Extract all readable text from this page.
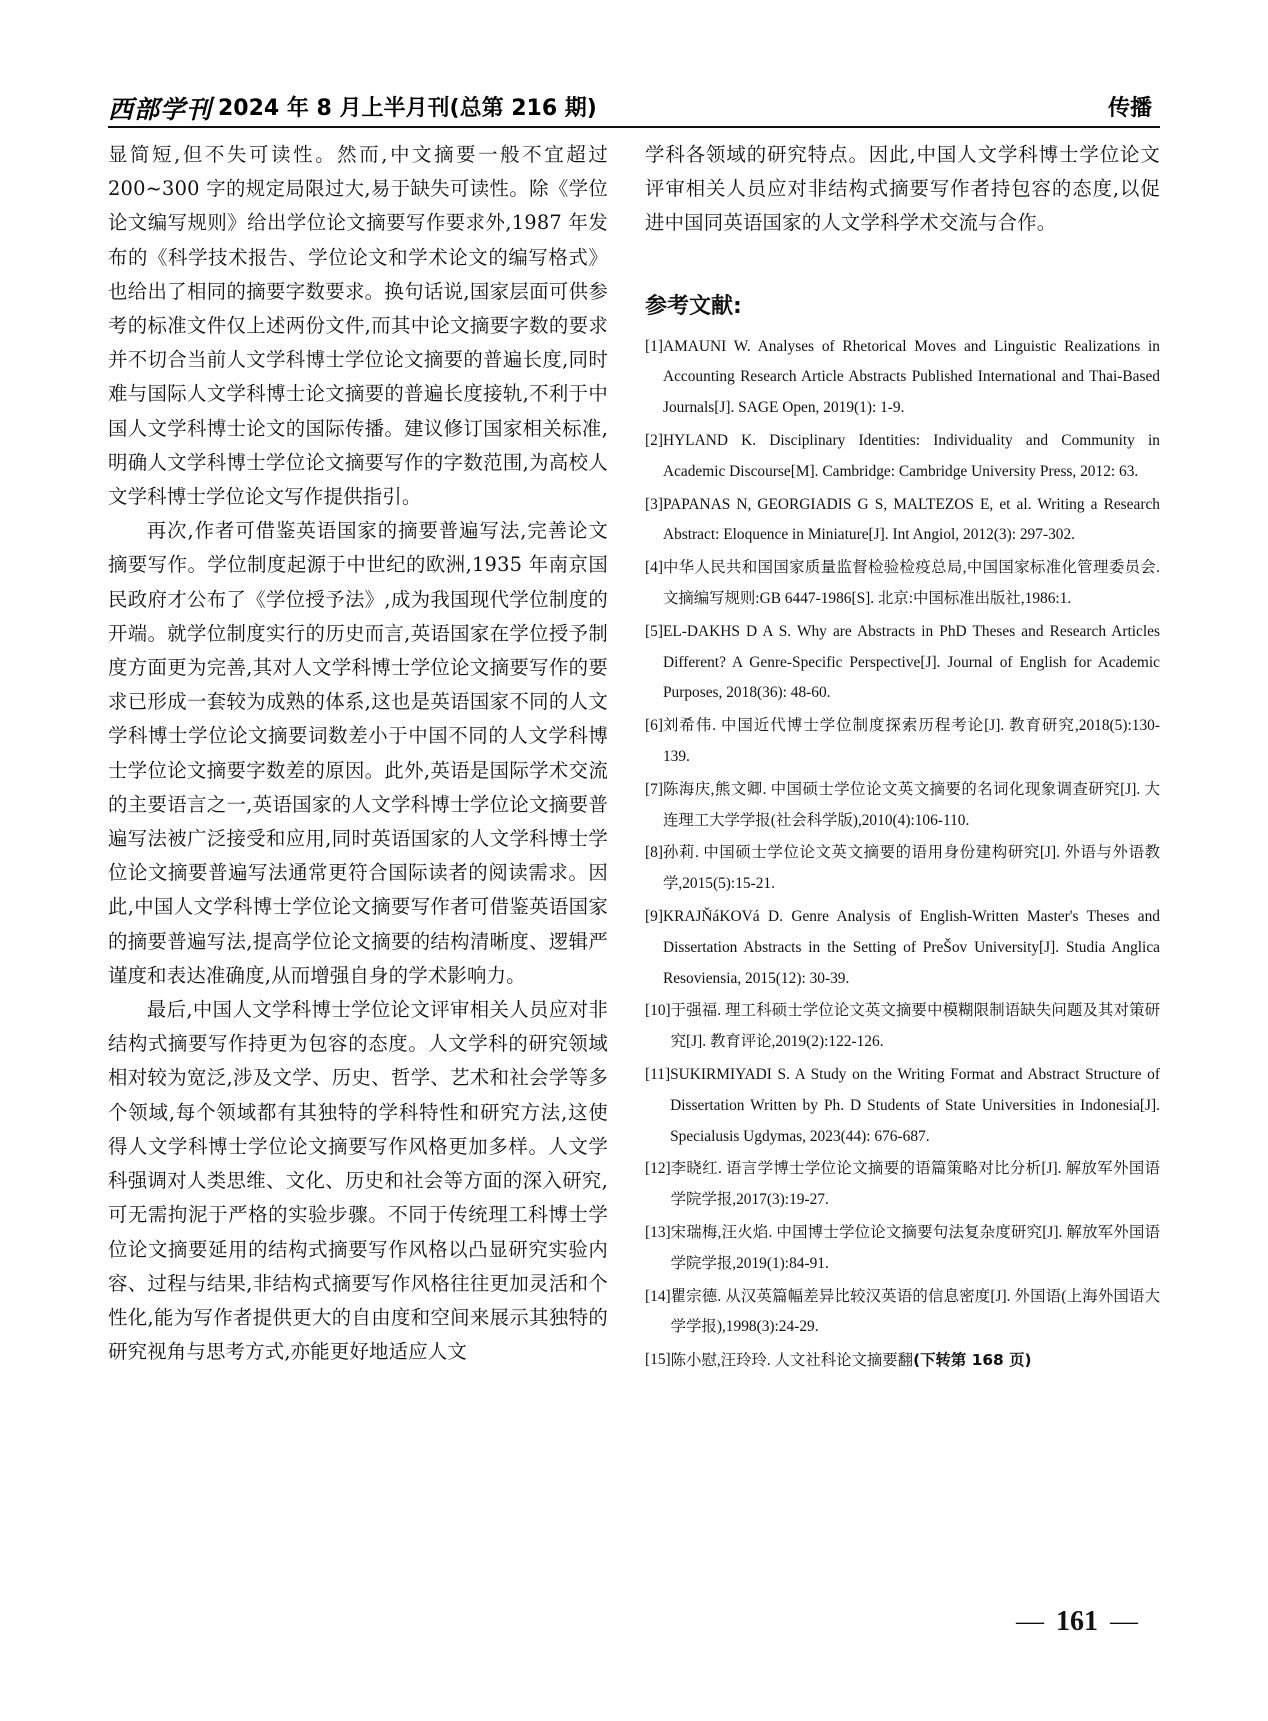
西部学刊 2024 年 8 月上半月刊(总第 216 期)	传播

显简短,但不失可读性。然而,中文摘要一般不宜超过 200~300 字的规定局限过大,易于缺失可读性。除《学位论文编写规则》给出学位论文摘要写作要求外,1987 年发布的《科学技术报告、学位论文和学术论文的编写格式》也给出了相同的摘要字数要求。换句话说,国家层面可供参考的标准文件仅上述两份文件,而其中论文摘要字数的要求并不切合当前人文学科博士学位论文摘要的普遍长度,同时难与国际人文学科博士论文摘要的普遍长度接轨,不利于中国人文学科博士论文的国际传播。建议修订国家相关标准,明确人文学科博士学位论文摘要写作的字数范围,为高校人文学科博士学位论文写作提供指引。

再次,作者可借鉴英语国家的摘要普遍写法,完善论文摘要写作。学位制度起源于中世纪的欧洲,1935 年南京国民政府才公布了《学位授予法》,成为我国现代学位制度的开端。就学位制度实行的历史而言,英语国家在学位授予制度方面更为完善,其对人文学科博士学位论文摘要写作的要求已形成一套较为成熟的体系,这也是英语国家不同的人文学科博士学位论文摘要词数差小于中国不同的人文学科博士学位论文摘要字数差的原因。此外,英语是国际学术交流的主要语言之一,英语国家的人文学科博士学位论文摘要普遍写法被广泛接受和应用,同时英语国家的人文学科博士学位论文摘要普遍写法通常更符合国际读者的阅读需求。因此,中国人文学科博士学位论文摘要写作者可借鉴英语国家的摘要普遍写法,提高学位论文摘要的结构清晰度、逻辑严谨度和表达准确度,从而增强自身的学术影响力。

最后,中国人文学科博士学位论文评审相关人员应对非结构式摘要写作持更为包容的态度。人文学科的研究领域相对较为宽泛,涉及文学、历史、哲学、艺术和社会学等多个领域,每个领域都有其独特的学科特性和研究方法,这使得人文学科博士学位论文摘要写作风格更加多样。人文学科强调对人类思维、文化、历史和社会等方面的深入研究,可无需拘泥于严格的实验步骤。不同于传统理工科博士学位论文摘要延用的结构式摘要写作风格以凸显研究实验内容、过程与结果,非结构式摘要写作风格往往更加灵活和个性化,能为写作者提供更大的自由度和空间来展示其独特的研究视角与思考方式,亦能更好地适应人文

学科各领域的研究特点。因此,中国人文学科博士学位论文评审相关人员应对非结构式摘要写作者持包容的态度,以促进中国同英语国家的人文学科学术交流与合作。

参考文献:
[1] AMAUNI W. Analyses of Rhetorical Moves and Linguistic Realizations in Accounting Research Article Abstracts Published International and Thai-Based Journals[J]. SAGE Open, 2019(1): 1-9.
[2] HYLAND K. Disciplinary Identities: Individuality and Community in Academic Discourse[M]. Cambridge: Cambridge University Press, 2012: 63.
[3] PAPANAS N, GEORGIADIS G S, MALTEZOS E, et al. Writing a Research Abstract: Eloquence in Miniature[J]. Int Angiol, 2012(3): 297-302.
[4] 中华人民共和国国家质量监督检验检疫总局,中国国家标准化管理委员会. 文摘编写规则:GB 6447-1986[S]. 北京:中国标准出版社,1986:1.
[5] EL-DAKHS D A S. Why are Abstracts in PhD Theses and Research Articles Different? A Genre-Specific Perspective[J]. Journal of English for Academic Purposes, 2018(36): 48-60.
[6] 刘希伟. 中国近代博士学位制度探索历程考论[J]. 教育研究,2018(5):130-139.
[7] 陈海庆,熊文卿. 中国硕士学位论文英文摘要的名词化现象调查研究[J]. 大连理工大学学报(社会科学版),2010(4):106-110.
[8] 孙莉. 中国硕士学位论文英文摘要的语用身份建构研究[J]. 外语与外语教学,2015(5):15-21.
[9] KRAJŇáKOVá D. Genre Analysis of English-Written Master's Theses and Dissertation Abstracts in the Setting of PreŠov University[J]. Studia Anglica Resoviensia, 2015(12): 30-39.
[10] 于强福. 理工科硕士学位论文英文摘要中模糊限制语缺失问题及其对策研究[J]. 教育评论,2019(2):122-126.
[11] SUKIRMIYADI S. A Study on the Writing Format and Abstract Structure of Dissertation Written by Ph. D Students of State Universities in Indonesia[J]. Specialusis Ugdymas, 2023(44): 676-687.
[12] 李晓红. 语言学博士学位论文摘要的语篇策略对比分析[J]. 解放军外国语学院学报,2017(3):19-27.
[13] 宋瑞梅,汪火焰. 中国博士学位论文摘要句法复杂度研究[J]. 解放军外国语学院学报,2019(1):84-91.
[14] 瞿宗德. 从汉英篇幅差异比较汉英语的信息密度[J]. 外国语(上海外国语大学学报),1998(3):24-29.
[15] 陈小慰,汪玲玲. 人文社科论文摘要翻(下转第 168 页)
— 161 —
